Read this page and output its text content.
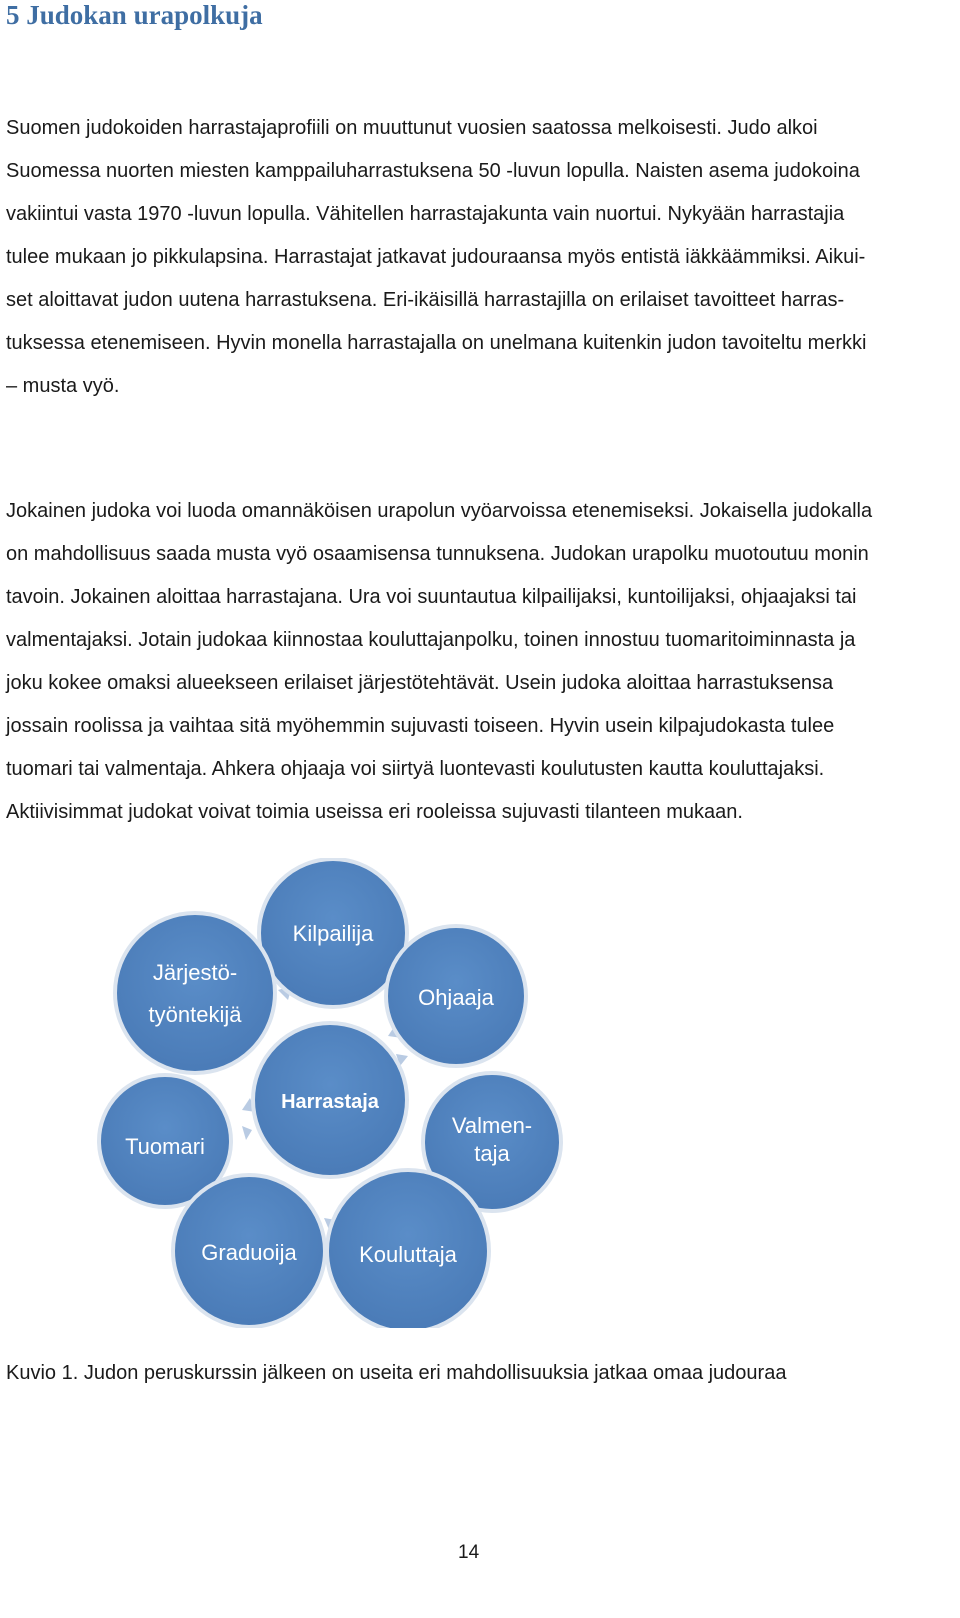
5 Judokan urapolkuja
Suomen judokoiden harrastajaprofiili on muuttunut vuosien saatossa melkoisesti. Judo alkoi
Suomessa nuorten miesten kamppailuharrastuksena 50 -luvun lopulla. Naisten asema judokoina
vakiintui vasta 1970 -luvun lopulla. Vähitellen harrastajakunta vain nuortui. Nykyään harrastajia
tulee mukaan jo pikkulapsina. Harrastajat jatkavat judouraansa myös entistä iäkkäämmiksi. Aikui-
set aloittavat judon uutena harrastuksena. Eri-ikäisillä harrastajilla on erilaiset tavoitteet harras-
tuksessa etenemiseen. Hyvin monella harrastajalla on unelmana kuitenkin judon tavoiteltu merkki
– musta vyö.
Jokainen judoka voi luoda omannäköisen urapolun vyöarvoissa etenemiseksi. Jokaisella judokalla
on mahdollisuus saada musta vyö osaamisensa tunnuksena. Judokan urapolku muotoutuu monin
tavoin. Jokainen aloittaa harrastajana. Ura voi suuntautua kilpailijaksi, kuntoilijaksi, ohjaajaksi tai
valmentajaksi. Jotain judokaa kiinnostaa kouluttajanpolku, toinen innostuu tuomaritoiminnasta ja
joku kokee omaksi alueekseen erilaiset järjestötehtävät. Usein judoka aloittaa harrastuksensa
jossain roolissa ja vaihtaa sitä myöhemmin sujuvasti toiseen. Hyvin usein kilpajudokasta tulee
tuomari tai valmentaja. Ahkera ohjaaja voi siirtyä luontevasti koulutusten kautta kouluttajaksi.
Aktiivisimmat judokat voivat toimia useissa eri rooleissa sujuvasti tilanteen mukaan.
Kilpailija
Ohjaaja
Järjestö-
työntekijä
Tuomari
Valmen-
taja
Graduoija	Kouluttaja
Harrastaja

Kuvio 1. Judon peruskurssin jälkeen on useita eri mahdollisuuksia jatkaa omaa judouraa

14
